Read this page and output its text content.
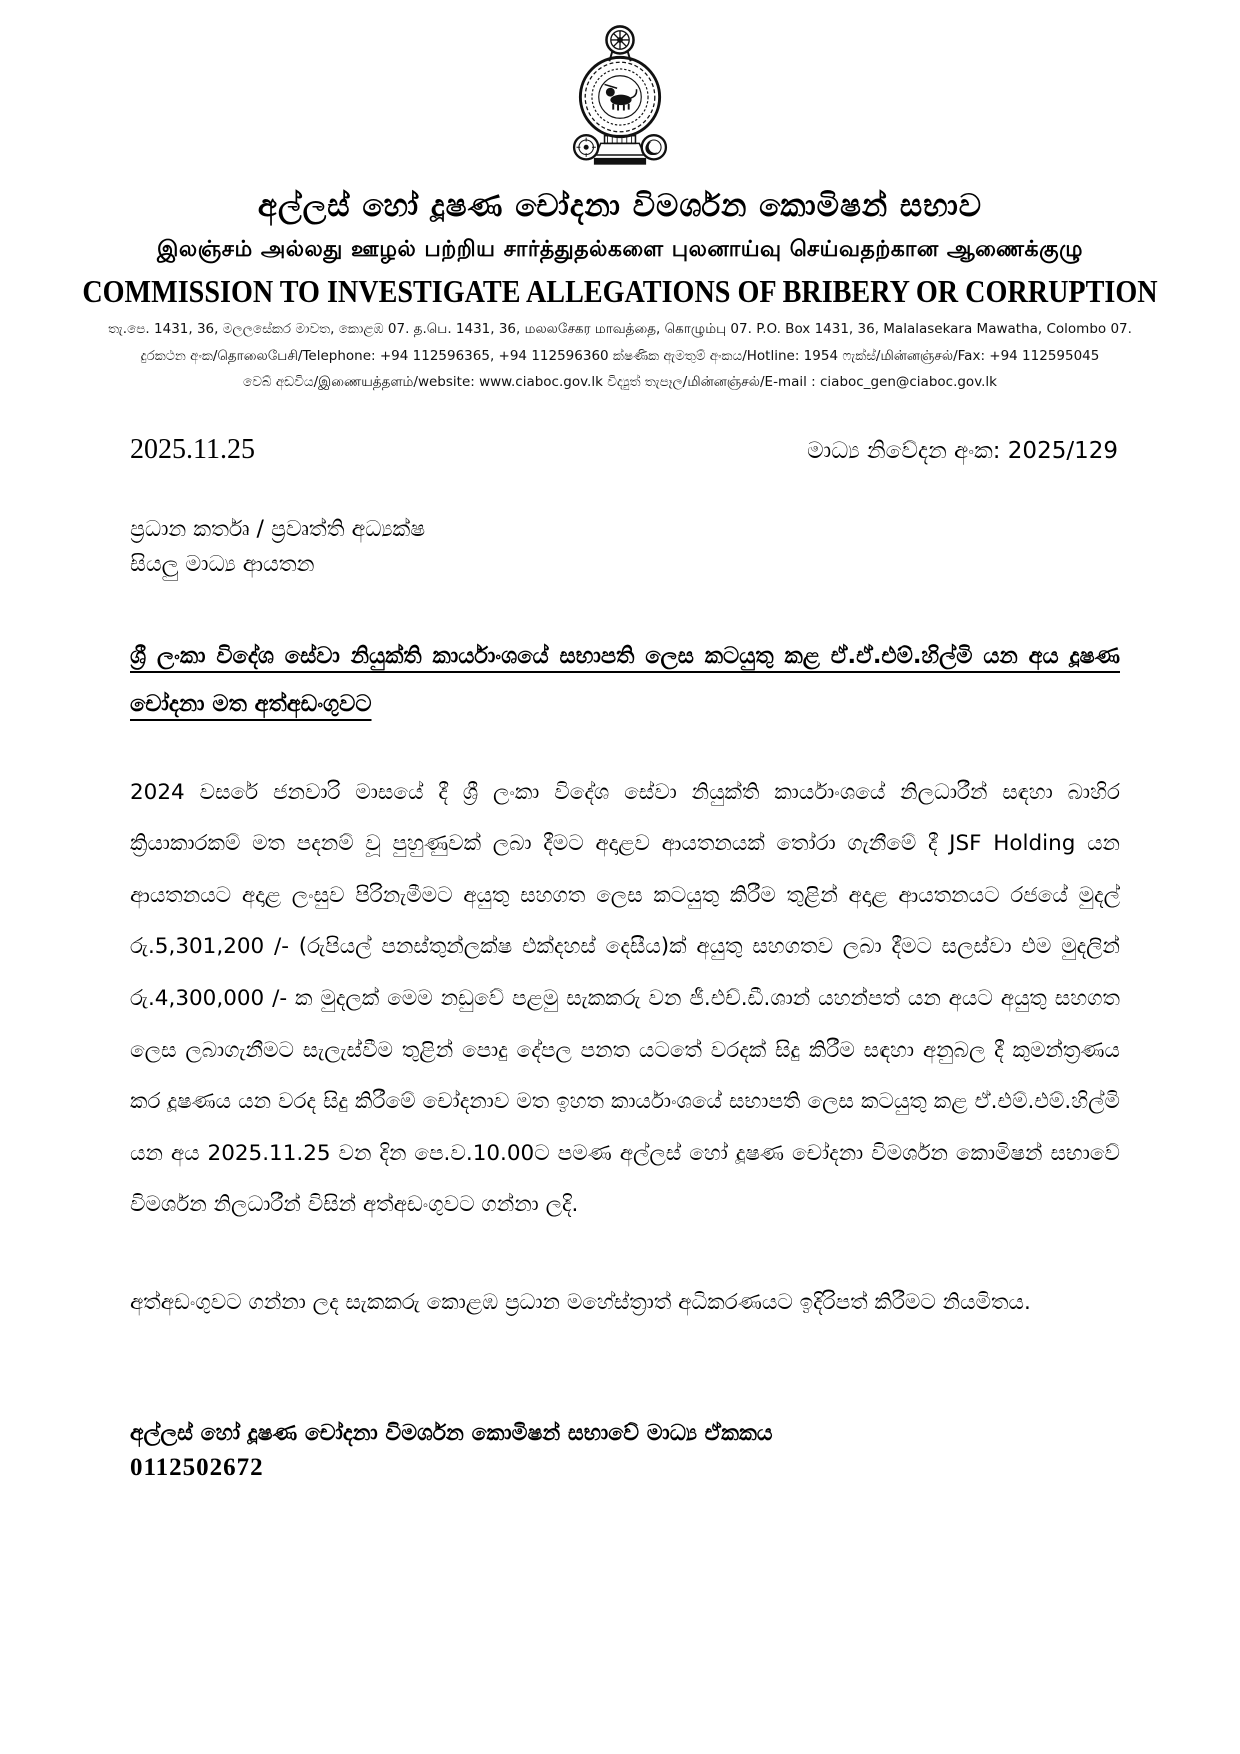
අල්ලස් හෝ දූෂණ චෝදනා විමර්ශන කොමිෂන් සභාව
இலஞ்சம் அல்லது ஊழல் பற்றிய சார்த்துதல்களை புலனாய்வு செய்வதற்கான ஆணைக்குழு
COMMISSION TO INVESTIGATE ALLEGATIONS OF BRIBERY OR CORRUPTION
තැ.පෙ. 1431, 36, මලලසේකර මාවත, කොළඹ 07. த.பெ. 1431, 36, மலலசேகர மாவத்தை, கொழும்பு 07. P.O. Box 1431, 36, Malalasekara Mawatha, Colombo 07.
දුරකථන අංක/தொலைபேசி/Telephone: +94 112596365, +94 112596360 ක්ෂණික ඇමතුම් අංකය/Hotline: 1954 ෆැක්ස්/மின்னஞ்சல்/Fax: +94 112595045
වෙබ් අඩවිය/இணையத்தளம்/website: www.ciaboc.gov.lk විද්‍යුත් තැපෑල/மின்னஞ்சல்/E-mail : ciaboc_gen@ciaboc.gov.lk
2025.11.25	මාධ්‍ය නිවේදන අංක: 2025/129
ප්‍රධාන කර්තෘ / ප්‍රවෘත්ති අධ්‍යක්ෂ
සියලු මාධ්‍ය ආයතන
ශ්‍රී ලංකා විදේශ සේවා නියුක්ති කාර්යාංශයේ සභාපති ලෙස කටයුතු කළ ඒ.ඒ.එම්.හිල්මි යන අය දූෂණ චෝදනා මත අත්අඩංගුවට
2024 වසරේ ජනවාරි මාසයේ දී ශ්‍රී ලංකා විදේශ සේවා නියුක්ති කාර්යාංශයේ නිලධාරීන් සඳහා බාහිර ක්‍රියාකාරකම් මත පදනම් වූ පුහුණුවක් ලබා දීමට අදාළව ආයතනයක් තෝරා ගැනීමේ දී JSF Holding යන ආයතනයට අදාළ ලංසුව පිරිනැමීමට අයුතු සහගත ලෙස කටයුතු කිරීම තුළින් අදාළ ආයතනයට රජයේ මුදල් රු.5,301,200 /- (රුපියල් පනස්තුන්ලක්ෂ එක්දහස් දෙසීය)ක් අයුතු සහගතව ලබා දීමට සලස්වා එම මුදලින් රු.4,300,000 /- ක මුදලක් මෙම නඩුවේ පළමු සැකකරු වන ජී.එච්.ඩී.ශාන් යහන්පත් යන අයට අයුතු සහගත ලෙස ලබාගැනීමට සැලැස්වීම තුළින් පොදු දේපල පනත යටතේ වරදක් සිදු කිරීම සඳහා අනුබල දී කුමන්ත්‍රණය කර දූෂණය යන වරද සිදු කිරීමේ චෝදනාව මත ඉහත කාර්යාංශයේ සභාපති ලෙස කටයුතු කළ ඒ.එම්.එම්.හිල්මි යන අය 2025.11.25 වන දින පෙ.ව.10.00ට පමණ අල්ලස් හෝ දූෂණ චෝදනා විමර්ශන කොමිෂන් සභාවේ විමර්ශන නිලධාරීන් විසින් අත්අඩංගුවට ගන්නා ලදි.
අත්අඩංගුවට ගන්නා ලද සැකකරු කොළඹ ප්‍රධාන මහේස්ත්‍රාත් අධිකරණයට ඉදිරිපත් කිරීමට නියමිතය.
අල්ලස් හෝ දූෂණ චෝදනා විමර්ශන කොමිෂන් සභාවේ මාධ්‍ය ඒකකය
0112502672
